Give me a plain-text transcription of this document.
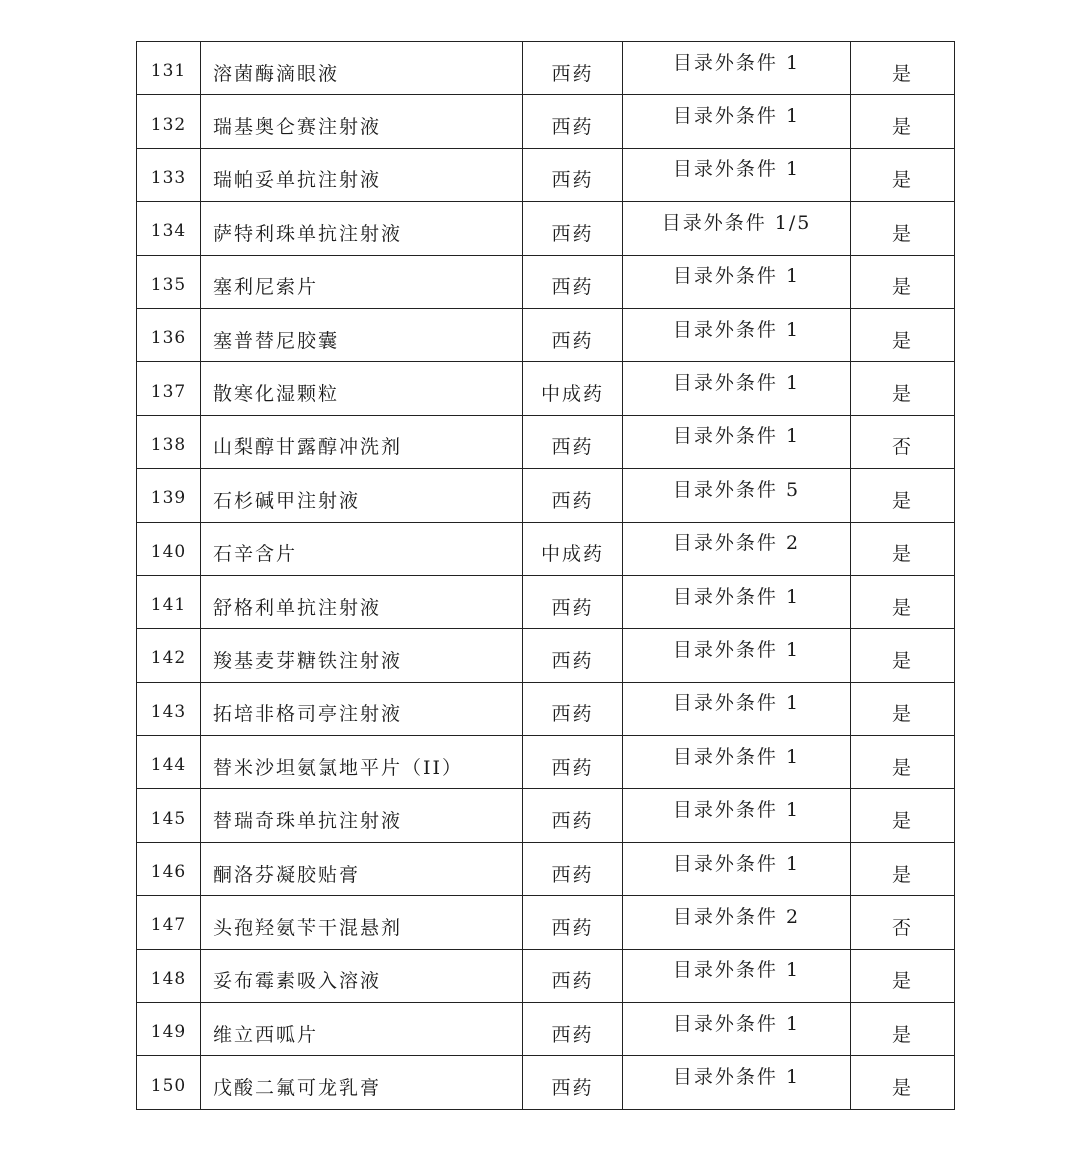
131	溶菌酶滴眼液	西药	目录外条件 1	是
132	瑞基奥仑赛注射液	西药	目录外条件 1	是
133	瑞帕妥单抗注射液	西药	目录外条件 1	是
134	萨特利珠单抗注射液	西药	目录外条件 1/5	是
135	塞利尼索片	西药	目录外条件 1	是
136	塞普替尼胶囊	西药	目录外条件 1	是
137	散寒化湿颗粒	中成药	目录外条件 1	是
138	山梨醇甘露醇冲洗剂	西药	目录外条件 1	否
139	石杉碱甲注射液	西药	目录外条件 5	是
140	石辛含片	中成药	目录外条件 2	是
141	舒格利单抗注射液	西药	目录外条件 1	是
142	羧基麦芽糖铁注射液	西药	目录外条件 1	是
143	拓培非格司亭注射液	西药	目录外条件 1	是
144	替米沙坦氨氯地平片（II）	西药	目录外条件 1	是
145	替瑞奇珠单抗注射液	西药	目录外条件 1	是
146	酮洛芬凝胶贴膏	西药	目录外条件 1	是
147	头孢羟氨苄干混悬剂	西药	目录外条件 2	否
148	妥布霉素吸入溶液	西药	目录外条件 1	是
149	维立西呱片	西药	目录外条件 1	是
150	戊酸二氟可龙乳膏	西药	目录外条件 1	是
